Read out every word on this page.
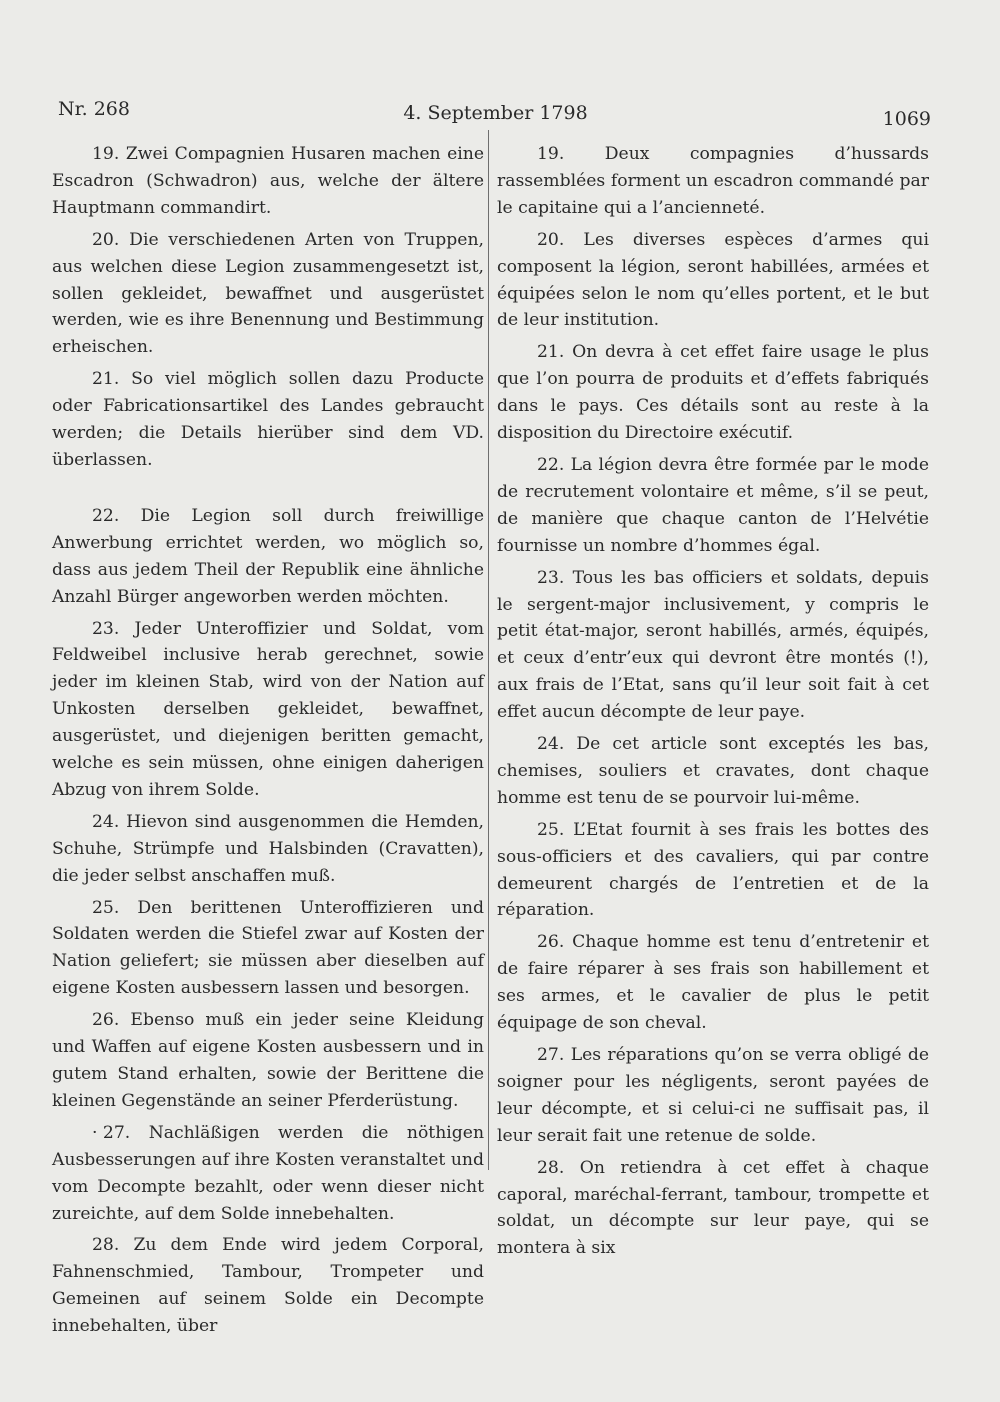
Nr. 268	4. September 1798	1069

19. Zwei Compagnien Husaren machen eine Escadron (Schwadron) aus, welche der ältere Hauptmann commandirt.

20. Die verschiedenen Arten von Truppen, aus welchen diese Legion zusammengesetzt ist, sollen gekleidet, bewaffnet und ausgerüstet werden, wie es ihre Benennung und Bestimmung erheischen.

21. So viel möglich sollen dazu Producte oder Fabricationsartikel des Landes gebraucht werden; die Details hierüber sind dem VD. überlassen.

22. Die Legion soll durch freiwillige Anwerbung errichtet werden, wo möglich so, dass aus jedem Theil der Republik eine ähnliche Anzahl Bürger angeworben werden möchten.

23. Jeder Unteroffizier und Soldat, vom Feldweibel inclusive herab gerechnet, sowie jeder im kleinen Stab, wird von der Nation auf Unkosten derselben gekleidet, bewaffnet, ausgerüstet, und diejenigen beritten gemacht, welche es sein müssen, ohne einigen daherigen Abzug von ihrem Solde.

24. Hievon sind ausgenommen die Hemden, Schuhe, Strümpfe und Halsbinden (Cravatten), die jeder selbst anschaffen muß.

25. Den berittenen Unteroffizieren und Soldaten werden die Stiefel zwar auf Kosten der Nation geliefert; sie müssen aber dieselben auf eigene Kosten ausbessern lassen und besorgen.

26. Ebenso muß ein jeder seine Kleidung und Waffen auf eigene Kosten ausbessern und in gutem Stand erhalten, sowie der Berittene die kleinen Gegenstände an seiner Pferderüstung.

· 27. Nachläßigen werden die nöthigen Ausbesserungen auf ihre Kosten veranstaltet und vom Decompte bezahlt, oder wenn dieser nicht zureichte, auf dem Solde innebehalten.

28. Zu dem Ende wird jedem Corporal, Fahnenschmied, Tambour, Trompeter und Gemeinen auf seinem Solde ein Decompte innebehalten, über

19. Deux compagnies d’hussards rassemblées forment un escadron commandé par le capitaine qui a l’ancienneté.

20. Les diverses espèces d’armes qui composent la légion, seront habillées, armées et équipées selon le nom qu’elles portent, et le but de leur institution.

21. On devra à cet effet faire usage le plus que l’on pourra de produits et d’effets fabriqués dans le pays. Ces détails sont au reste à la disposition du Directoire exécutif.

22. La légion devra être formée par le mode de recrutement volontaire et même, s’il se peut, de manière que chaque canton de l’Helvétie fournisse un nombre d’hommes égal.

23. Tous les bas officiers et soldats, depuis le sergent-major inclusivement, y compris le petit état-major, seront habillés, armés, équipés, et ceux d’entr’eux qui devront être montés (!), aux frais de l’Etat, sans qu’il leur soit fait à cet effet aucun décompte de leur paye.

24. De cet article sont exceptés les bas, chemises, souliers et cravates, dont chaque homme est tenu de se pourvoir lui-même.

25. L’Etat fournit à ses frais les bottes des sous-officiers et des cavaliers, qui par contre demeurent chargés de l’entretien et de la réparation.

26. Chaque homme est tenu d’entretenir et de faire réparer à ses frais son habillement et ses armes, et le cavalier de plus le petit équipage de son cheval.

27. Les réparations qu’on se verra obligé de soigner pour les négligents, seront payées de leur décompte, et si celui-ci ne suffisait pas, il leur serait fait une retenue de solde.

28. On retiendra à cet effet à chaque caporal, maréchal-ferrant, tambour, trompette et soldat, un décompte sur leur paye, qui se montera à six
